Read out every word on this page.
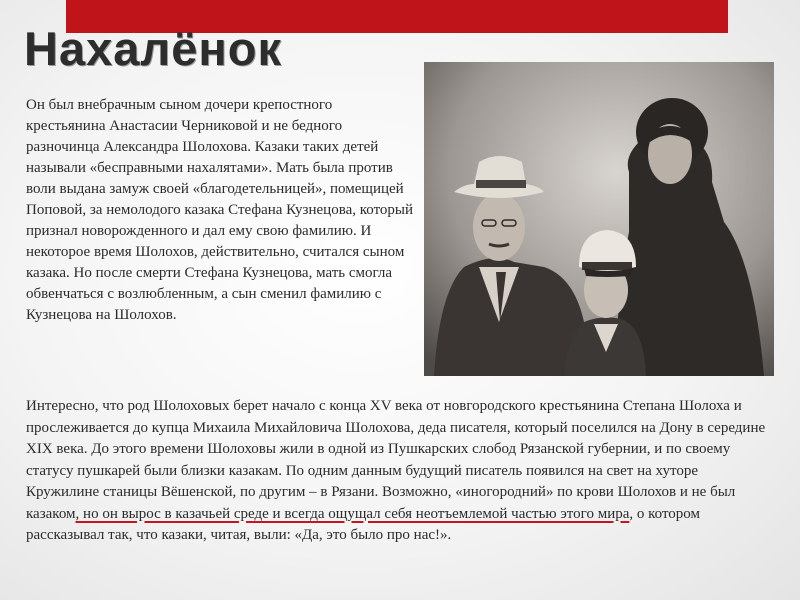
Нахалёнок

Он был внебрачным сыном дочери крепостного крестьянина Анастасии Черниковой и не бедного разночинца Александра Шолохова. Казаки таких детей называли «бесправными нахалятами». Мать была против воли выдана замуж своей «благодетельницей», помещицей Поповой, за немолодого казака Стефана Кузнецова, который признал новорожденного и дал ему свою фамилию. И некоторое время Шолохов, действительно, считался сыном казака. Но после смерти Стефана Кузнецова, мать смогла обвенчаться с возлюбленным, а сын сменил фамилию с Кузнецова на Шолохов.

Интересно, что род Шолоховых берет начало с конца XV века от новгородского крестьянина Степана Шолоха и прослеживается до купца Михаила Михайловича Шолохова, деда писателя, который поселился на Дону в середине XIX века. До этого времени Шолоховы жили в одной из Пушкарских слобод Рязанской губернии, и по своему статусу пушкарей были близки казакам. По одним данным будущий писатель появился на свет на хуторе Кружилине станицы Вёшенской, по другим – в Рязани. Возможно, «иногородний» по крови Шолохов и не был казаком, но он вырос в казачьей среде и всегда ощущал себя неотъемлемой частью этого мира, о котором рассказывал так, что казаки, читая, выли: «Да, это было про нас!».
